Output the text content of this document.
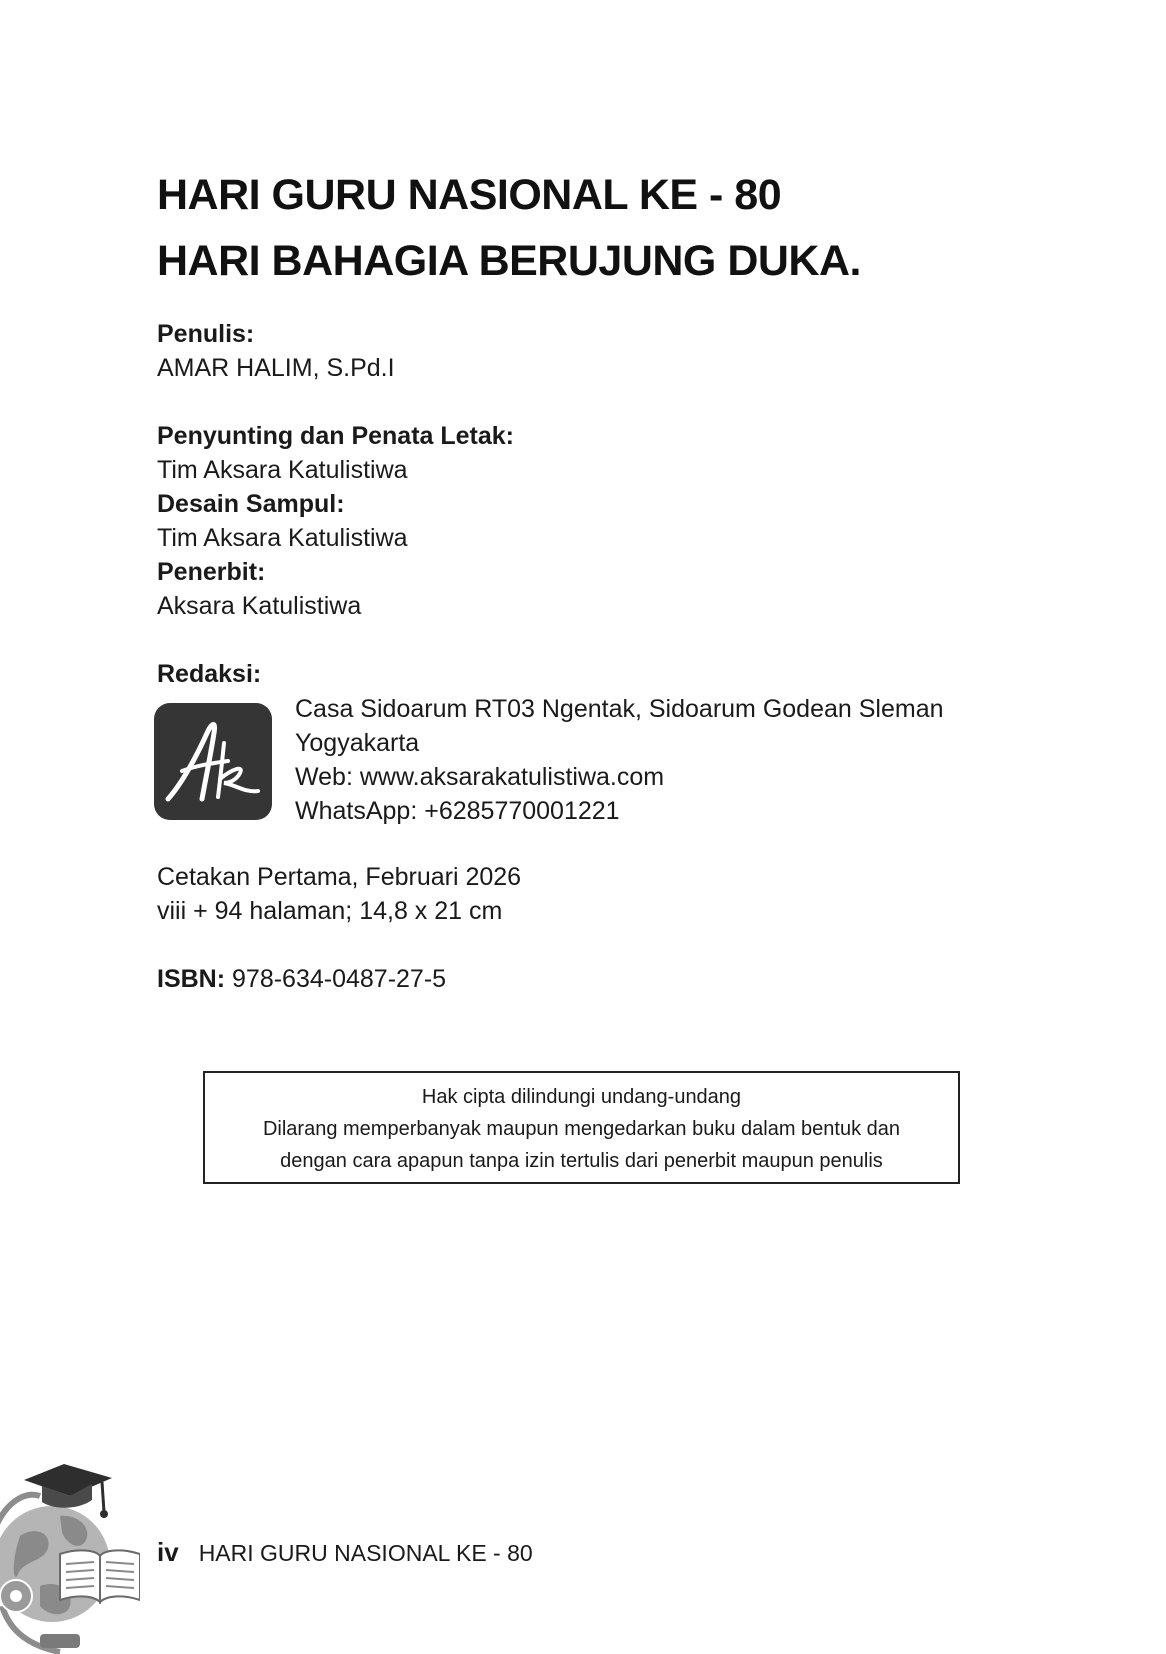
HARI GURU NASIONAL KE - 80
HARI BAHAGIA BERUJUNG DUKA.
Penulis:
AMAR HALIM, S.Pd.I
Penyunting dan Penata Letak:
Tim Aksara Katulistiwa
Desain Sampul:
Tim Aksara Katulistiwa
Penerbit:
Aksara Katulistiwa
Redaksi:
Casa Sidoarum RT03 Ngentak, Sidoarum Godean Sleman
Yogyakarta
Web: www.aksarakatulistiwa.com
WhatsApp: +6285770001221
Cetakan Pertama, Februari 2026
viii + 94 halaman; 14,8 x 21 cm
ISBN: 978-634-0487-27-5
Hak cipta dilindungi undang-undang
Dilarang memperbanyak maupun mengedarkan buku dalam bentuk dan
dengan cara apapun tanpa izin tertulis dari penerbit maupun penulis
iv HARI GURU NASIONAL KE - 80
